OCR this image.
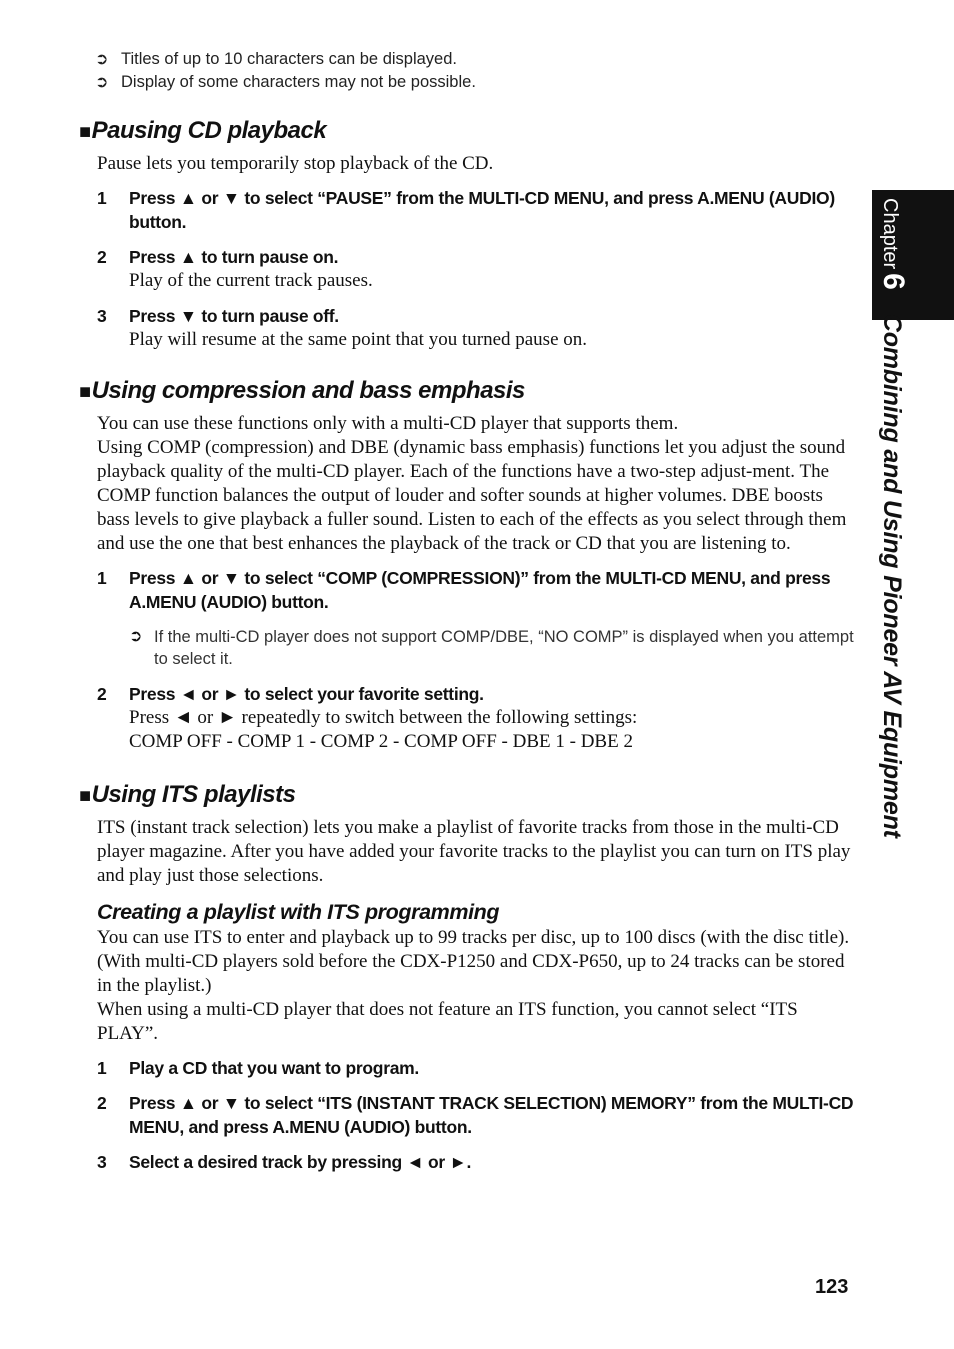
➲ Titles of up to 10 characters can be displayed.
➲ Display of some characters may not be possible.
■Pausing CD playback
Pause lets you temporarily stop playback of the CD.
1	Press ▲ or ▼ to select “PAUSE” from the MULTI-CD MENU, and press A.MENU (AUDIO) button.
2	Press ▲ to turn pause on.
Play of the current track pauses.
3	Press ▼ to turn pause off.
Play will resume at the same point that you turned pause on.
■Using compression and bass emphasis
You can use these functions only with a multi-CD player that supports them.
Using COMP (compression) and DBE (dynamic bass emphasis) functions let you adjust the sound playback quality of the multi-CD player. Each of the functions have a two-step adjust-ment. The COMP function balances the output of louder and softer sounds at higher volumes. DBE boosts bass levels to give playback a fuller sound. Listen to each of the effects as you select through them and use the one that best enhances the playback of the track or CD that you are listening to.
1	Press ▲ or ▼ to select “COMP (COMPRESSION)” from the MULTI-CD MENU, and press A.MENU (AUDIO) button.
➲ If the multi-CD player does not support COMP/DBE, “NO COMP” is displayed when you attempt to select it.
2	Press ◄ or ► to select your favorite setting.
Press ◄ or ► repeatedly to switch between the following settings:
COMP OFF - COMP 1 - COMP 2 - COMP OFF - DBE 1 - DBE 2
■Using ITS playlists
ITS (instant track selection) lets you make a playlist of favorite tracks from those in the multi-CD player magazine. After you have added your favorite tracks to the playlist you can turn on ITS play and play just those selections.
Creating a playlist with ITS programming
You can use ITS to enter and playback up to 99 tracks per disc, up to 100 discs (with the disc title). (With multi-CD players sold before the CDX-P1250 and CDX-P650, up to 24 tracks can be stored in the playlist.)
When using a multi-CD player that does not feature an ITS function, you cannot select “ITS PLAY”.
1	Play a CD that you want to program.
2	Press ▲ or ▼ to select “ITS (INSTANT TRACK SELECTION) MEMORY” from the MULTI-CD MENU, and press A.MENU (AUDIO) button.
3	Select a desired track by pressing ◄ or ►.
Chapter6Combining and Using Pioneer AV Equipment
123
